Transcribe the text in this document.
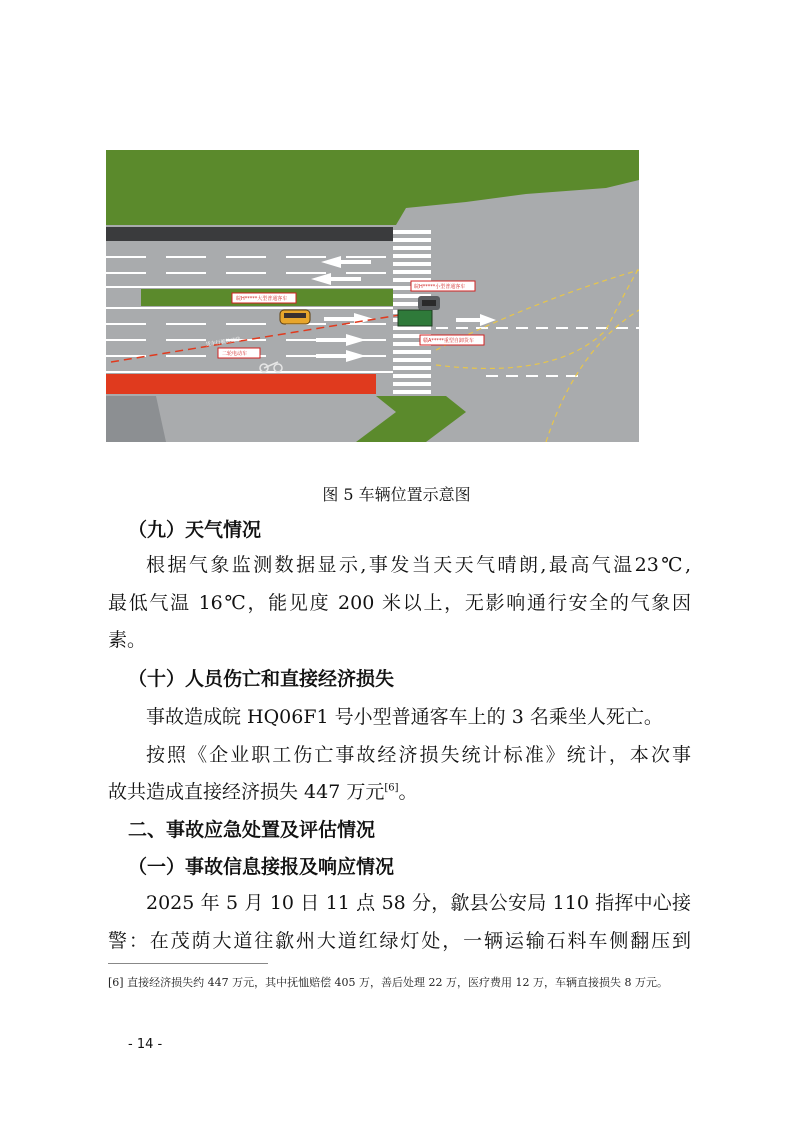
皖H*****大型普通客车
皖H*****小型普通客车
赣A*****重型自卸货车
二轮电动车
货车行驶轨迹线
图 5 车辆位置示意图
（九）天气情况
根据气象监测数据显示,事发当天天气晴朗,最高气温23℃,
最低气温 16℃，能见度 200 米以上，无影响通行安全的气象因
素。
（十）人员伤亡和直接经济损失
事故造成皖 HQ06F1 号小型普通客车上的 3 名乘坐人死亡。
按照《企业职工伤亡事故经济损失统计标准》统计，本次事
故共造成直接经济损失 447 万元[6]。
二、事故应急处置及评估情况
（一）事故信息接报及响应情况
2025 年 5 月 10 日 11 点 58 分，歙县公安局 110 指挥中心接
警：在茂荫大道往歙州大道红绿灯处，一辆运输石料车侧翻压到
[6] 直接经济损失约 447 万元，其中抚恤赔偿 405 万，善后处理 22 万，医疗费用 12 万，车辆直接损失 8 万元。
- 14 -
